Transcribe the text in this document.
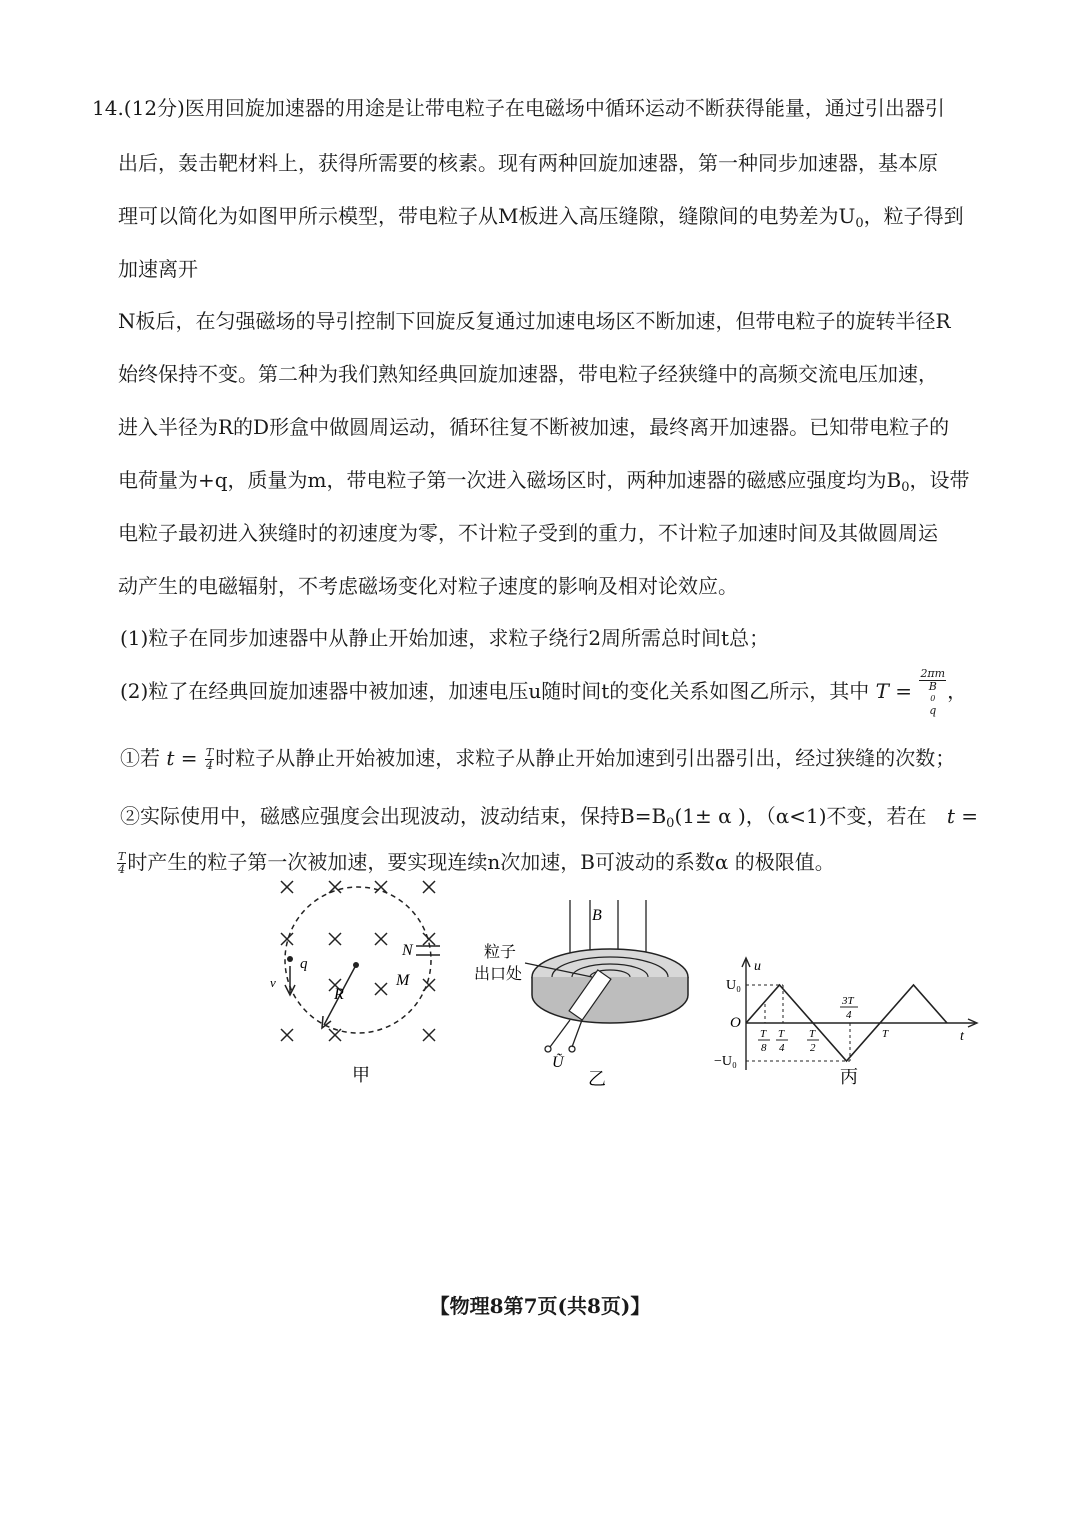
14.(12分)医用回旋加速器的用途是让带电粒子在电磁场中循环运动不断获得能量，通过引出器引
出后，轰击靶材料上，获得所需要的核素。现有两种回旋加速器，第一种同步加速器，基本原
理可以简化为如图甲所示模型，带电粒子从M板进入高压缝隙，缝隙间的电势差为$U_0$，粒子得到
加速离开
N板后，在匀强磁场的导引控制下回旋反复通过加速电场区不断加速，但带电粒子的旋转半径R
始终保持不变。第二种为我们熟知经典回旋加速器，带电粒子经狭缝中的高频交流电压加速，
进入半径为R的D形盒中做圆周运动，循环往复不断被加速，最终离开加速器。已知带电粒子的
电荷量为+q，质量为m，带电粒子第一次进入磁场区时，两种加速器的磁感应强度均为$B_0$，设带
电粒子最初进入狭缝时的初速度为零，不计粒子受到的重力，不计粒子加速时间及其做圆周运
动产生的电磁辐射，不考虑磁场变化对粒子速度的影响及相对论效应。
(1)粒子在同步加速器中从静止开始加速，求粒子绕行2周所需总时间t总；
(2)粒了在经典回旋加速器中被加速，加速电压u随时间t的变化关系如图乙所示，其中 T = 2πm
B
0
q ，
①若 $t = \frac{T}{4}$ 时粒子从静止开始被加速，求粒子从静止开始加速到引出器引出，经过狭缝的次数；
②实际使用中，磁感应强度会出现波动，波动结束，保持$B=B_0(1\pm \alpha$ )，（α<1)不变，若在 t =
$\frac{T}{4}$ 时产生的粒子第一次被加速，要实现连续n次加速，B可波动的系数α 的极限值。
N
M
q
v
R
甲
B
Ũ
粒子
出口处
乙
u
t
U₀
O
−U₀
T
8
T
4
T
2
3T
4
T
丙
【物理8第7页(共8页)】
